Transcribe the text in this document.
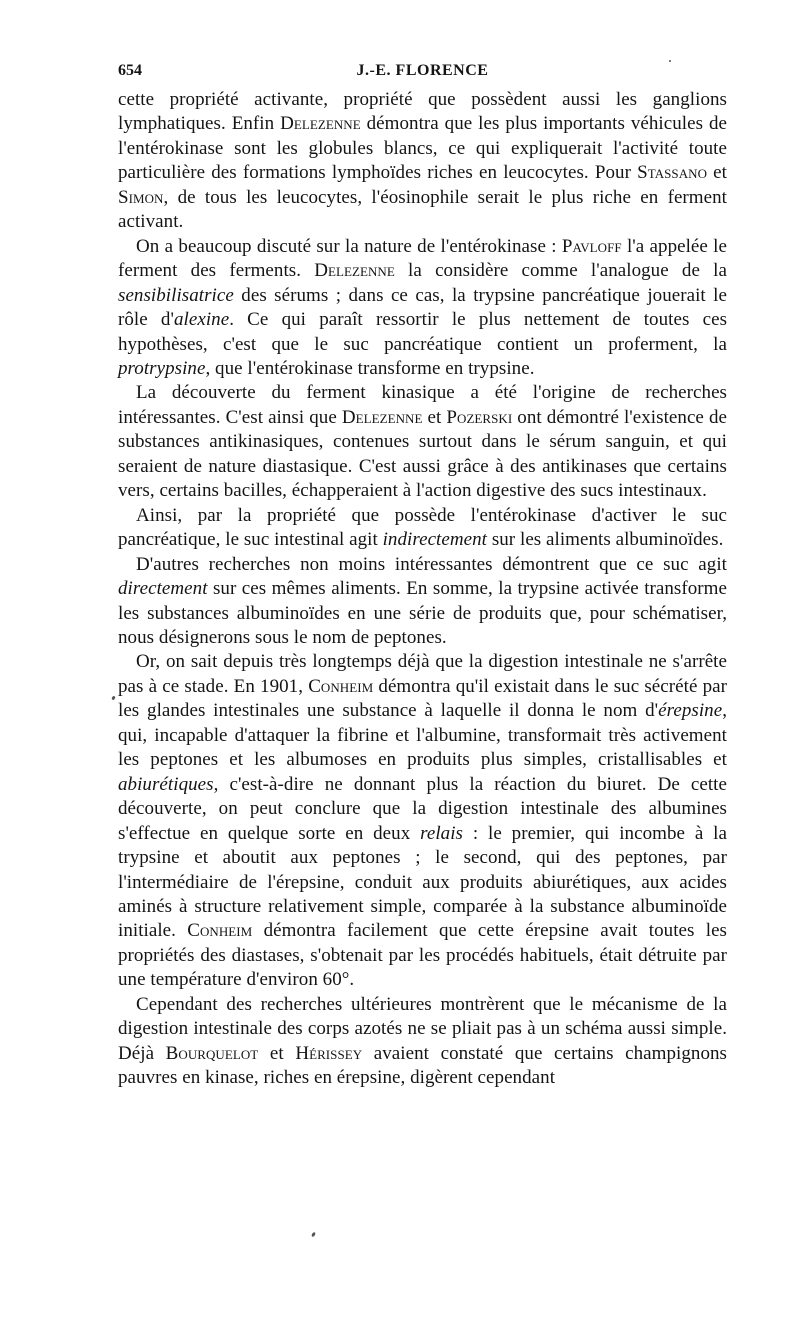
654	J.-E. FLORENCE

cette propriété activante, propriété que possèdent aussi les ganglions lymphatiques. Enfin Delezenne démontra que les plus importants véhicules de l'entérokinase sont les globules blancs, ce qui expliquerait l'activité toute particulière des formations lymphoïdes riches en leucocytes. Pour Stassano et Simon, de tous les leucocytes, l'éosinophile serait le plus riche en ferment activant.

On a beaucoup discuté sur la nature de l'entérokinase : Pavloff l'a appelée le ferment des ferments. Delezenne la considère comme l'analogue de la sensibilisatrice des sérums ; dans ce cas, la trypsine pancréatique jouerait le rôle d'alexine. Ce qui paraît ressortir le plus nettement de toutes ces hypothèses, c'est que le suc pancréatique contient un proferment, la protrypsine, que l'entérokinase transforme en trypsine.

La découverte du ferment kinasique a été l'origine de recherches intéressantes. C'est ainsi que Delezenne et Pozerski ont démontré l'existence de substances antikinasiques, contenues surtout dans le sérum sanguin, et qui seraient de nature diastasique. C'est aussi grâce à des antikinases que certains vers, certains bacilles, échapperaient à l'action digestive des sucs intestinaux.

Ainsi, par la propriété que possède l'entérokinase d'activer le suc pancréatique, le suc intestinal agit indirectement sur les aliments albuminoïdes.

D'autres recherches non moins intéressantes démontrent que ce suc agit directement sur ces mêmes aliments. En somme, la trypsine activée transforme les substances albuminoïdes en une série de produits que, pour schématiser, nous désignerons sous le nom de peptones.

Or, on sait depuis très longtemps déjà que la digestion intestinale ne s'arrête pas à ce stade. En 1901, Conheim démontra qu'il existait dans le suc sécrété par les glandes intestinales une substance à laquelle il donna le nom d'érepsine, qui, incapable d'attaquer la fibrine et l'albumine, transformait très activement les peptones et les albumoses en produits plus simples, cristallisables et abiurétiques, c'est-à-dire ne donnant plus la réaction du biuret. De cette découverte, on peut conclure que la digestion intestinale des albumines s'effectue en quelque sorte en deux relais : le premier, qui incombe à la trypsine et aboutit aux peptones ; le second, qui des peptones, par l'intermédiaire de l'érepsine, conduit aux produits abiurétiques, aux acides aminés à structure relativement simple, comparée à la substance albuminoïde initiale. Conheim démontra facilement que cette érepsine avait toutes les propriétés des diastases, s'obtenait par les procédés habituels, était détruite par une température d'environ 60°.

Cependant des recherches ultérieures montrèrent que le mécanisme de la digestion intestinale des corps azotés ne se pliait pas à un schéma aussi simple. Déjà Bourquelot et Hérissey avaient constaté que certains champignons pauvres en kinase, riches en érepsine, digèrent cependant
